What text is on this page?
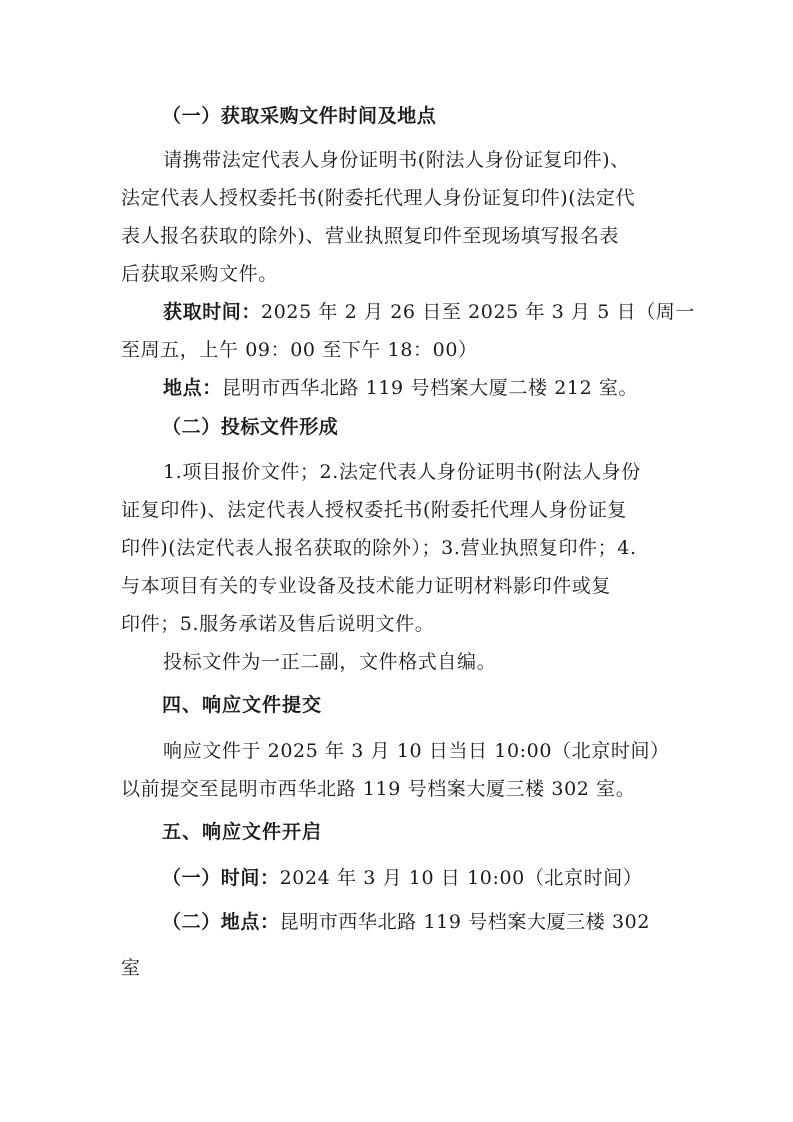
（一）获取采购文件时间及地点
请携带法定代表人身份证明书(附法人身份证复印件)、
法定代表人授权委托书(附委托代理人身份证复印件)(法定代
表人报名获取的除外)、营业执照复印件至现场填写报名表
后获取采购文件。
获取时间：2025 年 2 月 26 日至 2025 年 3 月 5 日（周一
至周五，上午 09：00 至下午 18：00）
地点：昆明市西华北路 119 号档案大厦二楼 212 室。
（二）投标文件形成
1.项目报价文件；2.法定代表人身份证明书(附法人身份
证复印件)、法定代表人授权委托书(附委托代理人身份证复
印件)(法定代表人报名获取的除外）；3.营业执照复印件；4.
与本项目有关的专业设备及技术能力证明材料影印件或复
印件；5.服务承诺及售后说明文件。
投标文件为一正二副，文件格式自编。
四、响应文件提交
响应文件于 2025 年 3 月 10 日当日 10:00（北京时间）
以前提交至昆明市西华北路 119 号档案大厦三楼 302 室。
五、响应文件开启
（一）时间：2024 年 3 月 10 日 10:00（北京时间）
（二）地点：昆明市西华北路 119 号档案大厦三楼 302
室
